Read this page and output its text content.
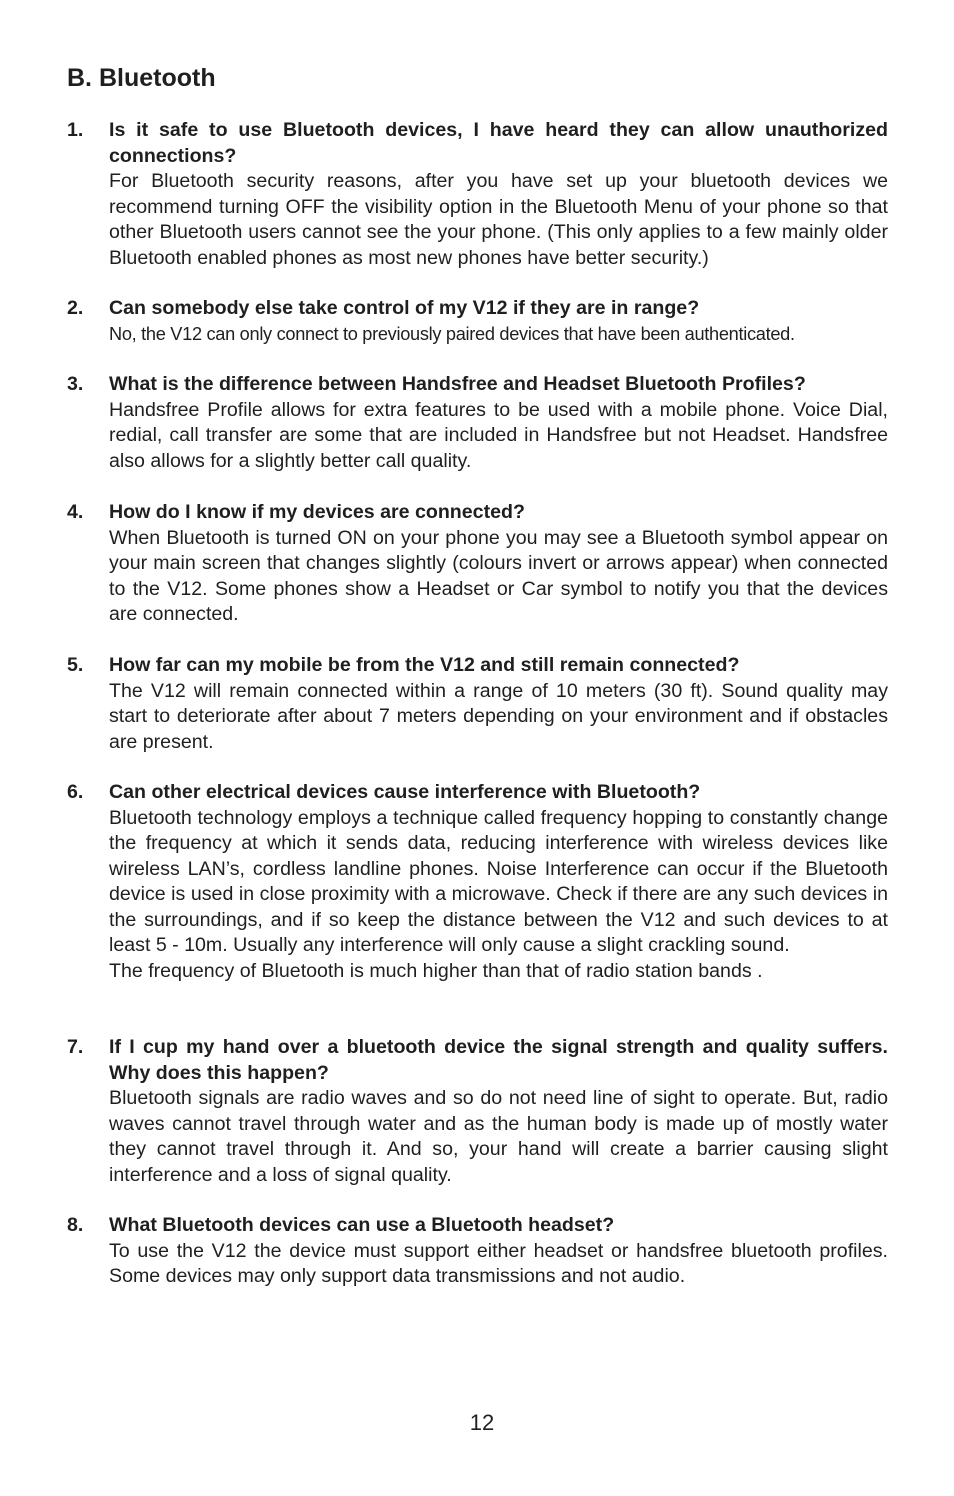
B. Bluetooth
1. Is it safe to use Bluetooth devices, I have heard they can allow unauthorized connections?

For Bluetooth security reasons, after you have set up your bluetooth devices we recommend turning OFF the visibility option in the Bluetooth Menu of your phone so that other Bluetooth users cannot see the your phone. (This only applies to a few mainly older Bluetooth enabled phones as most new phones have better security.)

2. Can somebody else take control of my V12 if they are in range?

No, the V12 can only connect to previously paired devices that have been authenticated.

3. What is the difference between Handsfree and Headset Bluetooth Profiles?

Handsfree Profile allows for extra features to be used with a mobile phone. Voice Dial, redial, call transfer are some that are included in Handsfree but not Headset. Handsfree also allows for a slightly better call quality.

4. How do I know if my devices are connected?

When Bluetooth is turned ON on your phone you may see a Bluetooth symbol appear on your main screen that changes slightly (colours invert or arrows appear) when connected to the V12. Some phones show a Headset or Car symbol to notify you that the devices are connected.

5. How far can my mobile be from the V12 and still remain connected?

The V12 will remain connected within a range of 10 meters (30 ft). Sound quality may start to deteriorate after about 7 meters depending on your environment and if obstacles are present.

6. Can other electrical devices cause interference with Bluetooth?

Bluetooth technology employs a technique called frequency hopping to constantly change the frequency at which it sends data, reducing interference with wireless devices like wireless LAN’s, cordless landline phones. Noise Interference can occur if the Bluetooth device is used in close proximity with a microwave. Check if there are any such devices in the surroundings, and if so keep the distance between the V12 and such devices to at least 5 - 10m. Usually any interference will only cause a slight crackling sound.

The frequency of Bluetooth is much higher than that of radio station bands .

7. If I cup my hand over a bluetooth device the signal strength and quality suffers. Why does this happen?

Bluetooth signals are radio waves and so do not need line of sight to operate. But, radio waves cannot travel through water and as the human body is made up of mostly water they cannot travel through it. And so, your hand will create a barrier causing slight interference and a loss of signal quality.

8. What Bluetooth devices can use a Bluetooth headset?

To use the V12 the device must support either headset or handsfree bluetooth profiles. Some devices may only support data transmissions and not audio.

12
